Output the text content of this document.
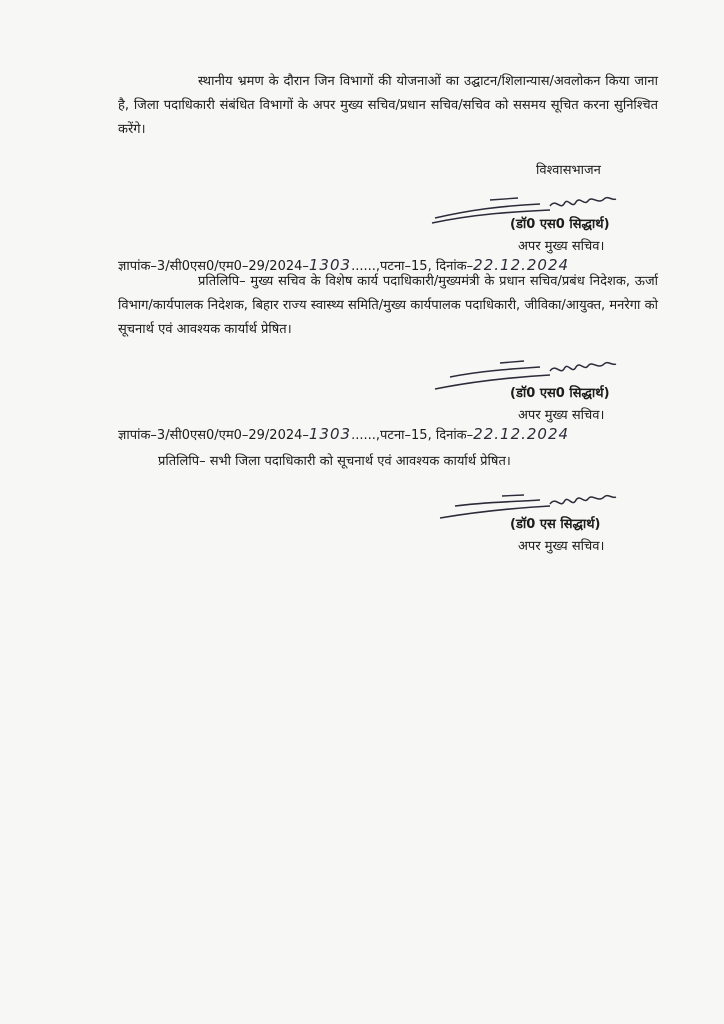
स्थानीय भ्रमण के दौरान जिन विभागों की योजनाओं का उद्घाटन/शिलान्यास/अवलोकन किया जाना है, जिला पदाधिकारी संबंधित विभागों के अपर मुख्य सचिव/प्रधान सचिव/सचिव को ससमय सूचित करना सुनिश्चित करेंगे।
विश्वासभाजन
(डॉ0 एस0 सिद्धार्थ)
अपर मुख्य सचिव।
ज्ञापांक–3/सी0एस0/एम0–29/2024–1303......,पटना–15, दिनांक–22.12.2024
प्रतिलिपि– मुख्य सचिव के विशेष कार्य पदाधिकारी/मुख्यमंत्री के प्रधान सचिव/प्रबंध निदेशक, ऊर्जा विभाग/कार्यपालक निदेशक, बिहार राज्य स्वास्थ्य समिति/मुख्य कार्यपालक पदाधिकारी, जीविका/आयुक्त, मनरेगा को सूचनार्थ एवं आवश्यक कार्यार्थ प्रेषित।
(डॉ0 एस0 सिद्धार्थ)
अपर मुख्य सचिव।
ज्ञापांक–3/सी0एस0/एम0–29/2024–1303......,पटना–15, दिनांक–22.12.2024
प्रतिलिपि– सभी जिला पदाधिकारी को सूचनार्थ एवं आवश्यक कार्यार्थ प्रेषित।
(डॉ0 एस सिद्धार्थ)
अपर मुख्य सचिव।
